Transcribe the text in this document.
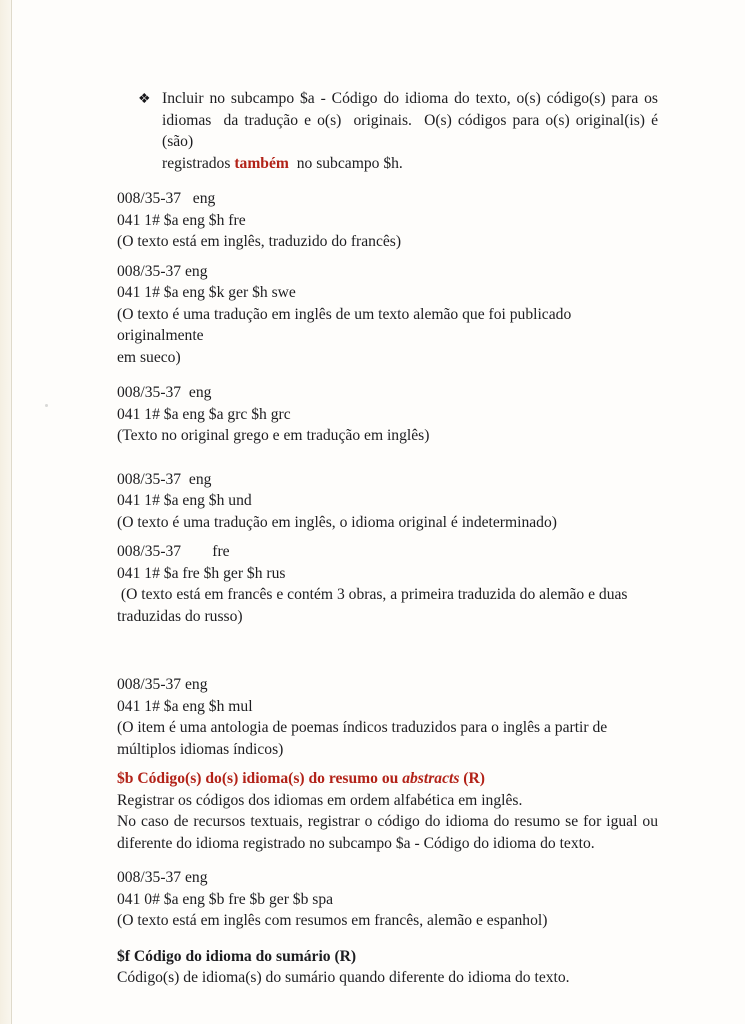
❖ Incluir no subcampo $a - Código do idioma do texto, o(s) código(s) para os
idiomas  da tradução e o(s)  originais.  O(s) códigos para o(s) original(is) é (são)
registrados também  no subcampo $h.
008/35-37   eng
041 1# $a eng $h fre
(O texto está em inglês, traduzido do francês)
008/35-37 eng
041 1# $a eng $k ger $h swe
(O texto é uma tradução em inglês de um texto alemão que foi publicado originalmente
em sueco)
008/35-37  eng
041 1# $a eng $a grc $h grc
(Texto no original grego e em tradução em inglês)
008/35-37  eng
041 1# $a eng $h und
(O texto é uma tradução em inglês, o idioma original é indeterminado)
008/35-37        fre
041 1# $a fre $h ger $h rus
(O texto está em francês e contém 3 obras, a primeira traduzida do alemão e duas
traduzidas do russo)
008/35-37 eng
041 1# $a eng $h mul
(O item é uma antologia de poemas índicos traduzidos para o inglês a partir de
múltiplos idiomas índicos)
$b Código(s) do(s) idioma(s) do resumo ou abstracts (R)
Registrar os códigos dos idiomas em ordem alfabética em inglês.
No caso de recursos textuais, registrar o código do idioma do resumo se for igual ou
diferente do idioma registrado no subcampo $a - Código do idioma do texto.
008/35-37 eng
041 0# $a eng $b fre $b ger $b spa
(O texto está em inglês com resumos em francês, alemão e espanhol)
$f Código do idioma do sumário (R)
Código(s) de idioma(s) do sumário quando diferente do idioma do texto.
